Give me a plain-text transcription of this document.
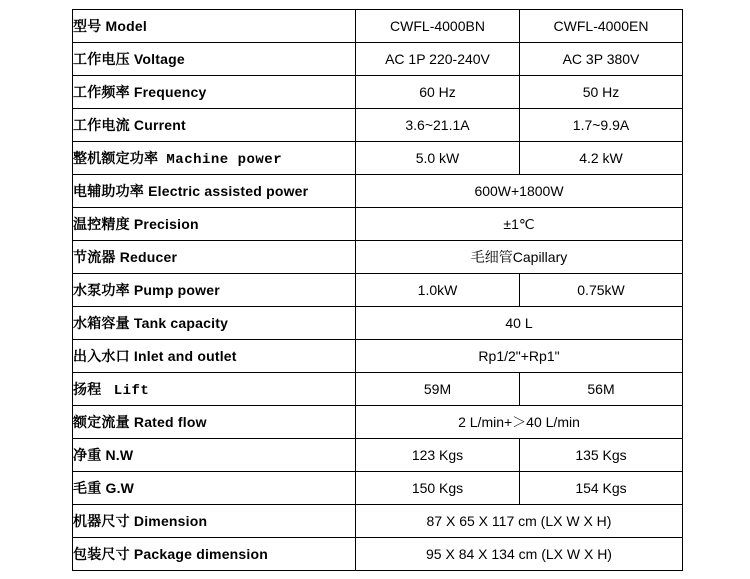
型号 Model	CWFL-4000BN	CWFL-4000EN
工作电压 Voltage	AC 1P 220-240V	AC 3P 380V
工作频率 Frequency	60 Hz	50 Hz
工作电流 Current	3.6~21.1A	1.7~9.9A
整机额定功率 Machine power	5.0 kW	4.2 kW
电辅助功率 Electric assisted power	600W+1800W	
温控精度 Precision	±1℃	
节流器 Reducer	毛细管Capillary	
水泵功率 Pump power	1.0kW	0.75kW
水箱容量 Tank capacity	40 L	
出入水口 Inlet and outlet	Rp1/2"+Rp1"	
扬程 Lift	59M	56M
额定流量 Rated flow	2 L/min+＞40 L/min	
净重 N.W	123 Kgs	135 Kgs
毛重 G.W	150 Kgs	154 Kgs
机器尺寸 Dimension	87 X 65 X 117 cm (LX W X H)	
包装尺寸 Package dimension	95 X 84 X 134 cm (LX W X H)	
